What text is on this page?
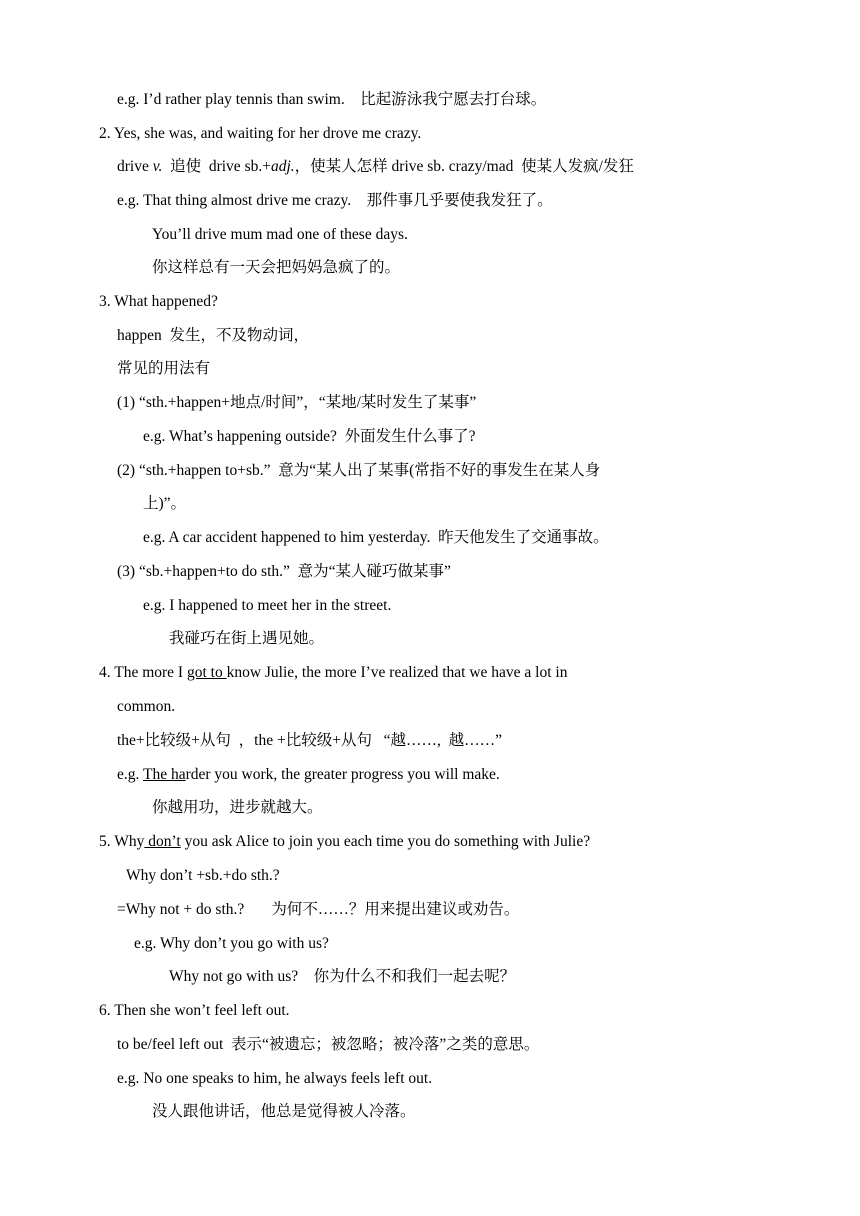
e.g. I’d rather play tennis than swim.    比起游泳我宁愿去打台球。
2. Yes, she was, and waiting for her drove me crazy.
drive v.  追使  drive sb.+adj.，使某人怎样 drive sb. crazy/mad  使某人发疯/发狂
e.g. That thing almost drive me crazy.    那件事几乎要使我发狂了。
You’ll drive mum mad one of these days.
你这样总有一天会把妈妈急疯了的。
3. What happened?
happen  发生，不及物动词，
常见的用法有
(1) “sth.+happen+地点/时间”，“某地/某时发生了某事”
e.g. What’s happening outside?  外面发生什么事了?
(2) “sth.+happen to+sb.”  意为“某人出了某事(常指不好的事发生在某人身
上)”。
e.g. A car accident happened to him yesterday.  昨天他发生了交通事故。
(3) “sb.+happen+to do sth.”  意为“某人碰巧做某事”
e.g. I happened to meet her in the street.
我碰巧在街上遇见她。
4. The more I got to know Julie, the more I’ve realized that we have a lot in
common.
the+比较级+从句  ，the +比较级+从句   “越……,  越……”
e.g. The harder you work, the greater progress you will make.
你越用功，进步就越大。
5. Why don’t you ask Alice to join you each time you do something with Julie?
Why don’t +sb.+do sth.?
=Why not + do sth.?       为何不……？用来提出建议或劝告。
e.g. Why don’t you go with us?
Why not go with us?    你为什么不和我们一起去呢？
6. Then she won’t feel left out.
to be/feel left out  表示“被遗忘；被忽略；被冷落”之类的意思。
e.g. No one speaks to him, he always feels left out.
没人跟他讲话，他总是觉得被人冷落。
